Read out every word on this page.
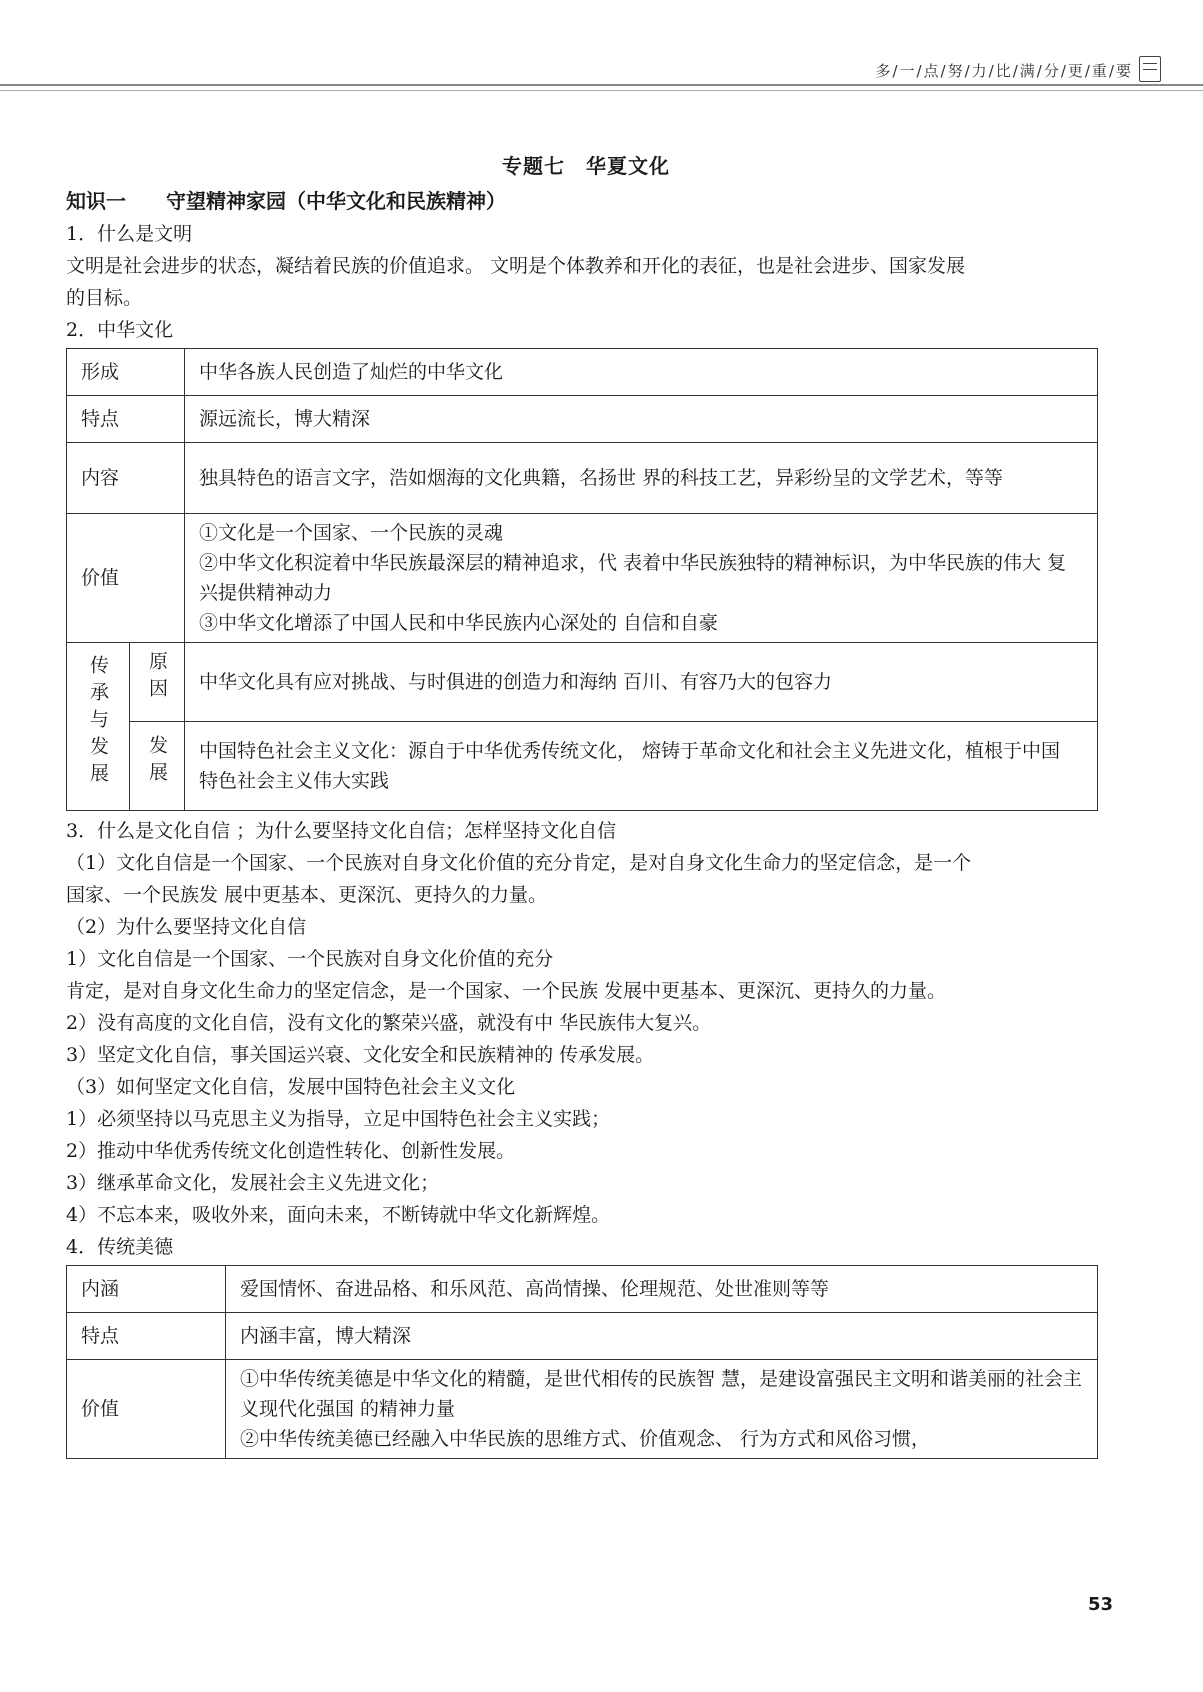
多/一/点/努/力/比/满/分/更/重/要

专题七　华夏文化

知识一　　守望精神家园（中华文化和民族精神）

1．什么是文明

文明是社会进步的状态，凝结着民族的价值追求。 文明是个体教养和开化的表征，也是社会进步、国家发展

的目标。

2．中华文化

形成		中华各族人民创造了灿烂的中华文化
特点		源远流长，博大精深
内容		独具特色的语言文字，浩如烟海的文化典籍，名扬世 界的科技工艺，异彩纷呈的文学艺术，等等
价值		①文化是一个国家、一个民族的灵魂
②中华文化积淀着中华民族最深层的精神追求，代 表着中华民族独特的精神标识，为中华民族的伟大 复兴提供精神动力
③中华文化增添了中国人民和中华民族内心深处的 自信和自豪

传承与发展	原因	中华文化具有应对挑战、与时俱进的创造力和海纳 百川、有容乃大的包容力
	发展	中国特色社会主义文化：源自于中华优秀传统文化， 熔铸于革命文化和社会主义先进文化，植根于中国 特色社会主义伟大实践

3．什么是文化自信 ；为什么要坚持文化自信；怎样坚持文化自信

（1）文化自信是一个国家、一个民族对自身文化价值的充分肯定，是对自身文化生命力的坚定信念，是一个

国家、一个民族发 展中更基本、更深沉、更持久的力量。

（2）为什么要坚持文化自信

1）文化自信是一个国家、一个民族对自身文化价值的充分

肯定，是对自身文化生命力的坚定信念，是一个国家、一个民族 发展中更基本、更深沉、更持久的力量。

2）没有高度的文化自信，没有文化的繁荣兴盛，就没有中 华民族伟大复兴。

3）坚定文化自信，事关国运兴衰、文化安全和民族精神的 传承发展。

（3）如何坚定文化自信，发展中国特色社会主义文化

1）必须坚持以马克思主义为指导，立足中国特色社会主义实践；

2）推动中华优秀传统文化创造性转化、创新性发展。

3）继承革命文化，发展社会主义先进文化；

4）不忘本来，吸收外来，面向未来，不断铸就中华文化新辉煌。

4．传统美德

内涵	爱国情怀、奋进品格、和乐风范、高尚情操、伦理规范、处世准则等等
特点	内涵丰富，博大精深
价值	①中华传统美德是中华文化的精髓，是世代相传的民族智 慧，是建设富强民主文明和谐美丽的社会主义现代化强国 的精神力量
②中华传统美德已经融入中华民族的思维方式、价值观念、 行为方式和风俗习惯，
53
